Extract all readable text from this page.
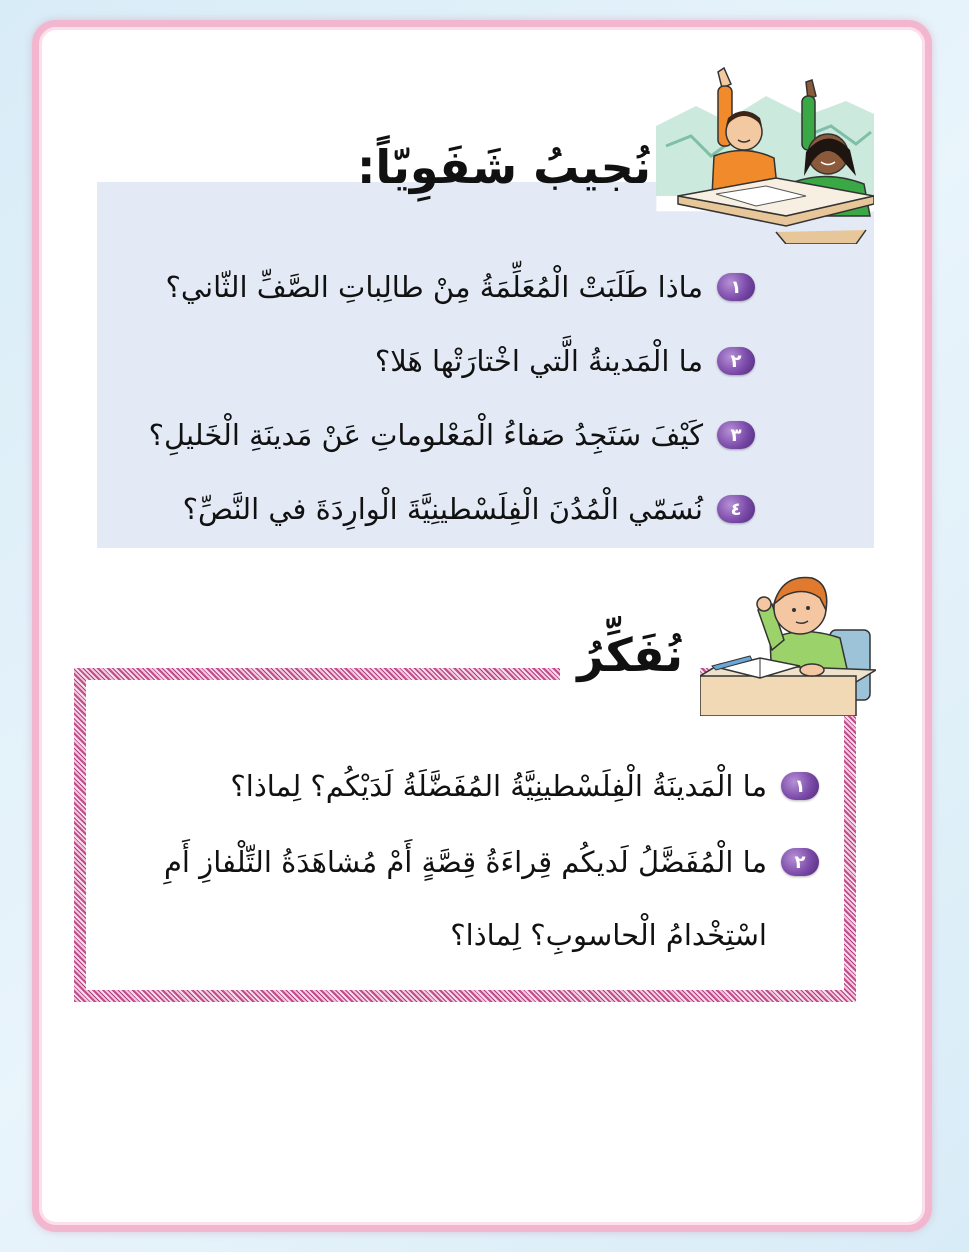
نُجيبُ شَفَوِيّاً:
١
ماذا طَلَبَتْ الْمُعَلِّمَةُ مِنْ طالِباتِ الصَّفِّ الثّاني؟
٢
ما الْمَدينةُ الَّتي اخْتارَتْها هَلا؟
٣
كَيْفَ سَتَجِدُ صَفاءُ الْمَعْلوماتِ عَنْ مَدينَةِ الْخَليلِ؟
٤
نُسَمّي الْمُدُنَ الْفِلَسْطينِيَّةَ الْوارِدَةَ في النَّصِّ؟
نُفَكِّرُ
١
ما الْمَدينَةُ الْفِلَسْطينِيَّةُ المُفَضَّلَةُ لَدَيْكُم؟ لِماذا؟
٢
ما الْمُفَضَّلُ لَديكُم قِراءَةُ قِصَّةٍ أَمْ مُشاهَدَةُ التِّلْفازِ أَمِ
اسْتِخْدامُ الْحاسوبِ؟ لِماذا؟
